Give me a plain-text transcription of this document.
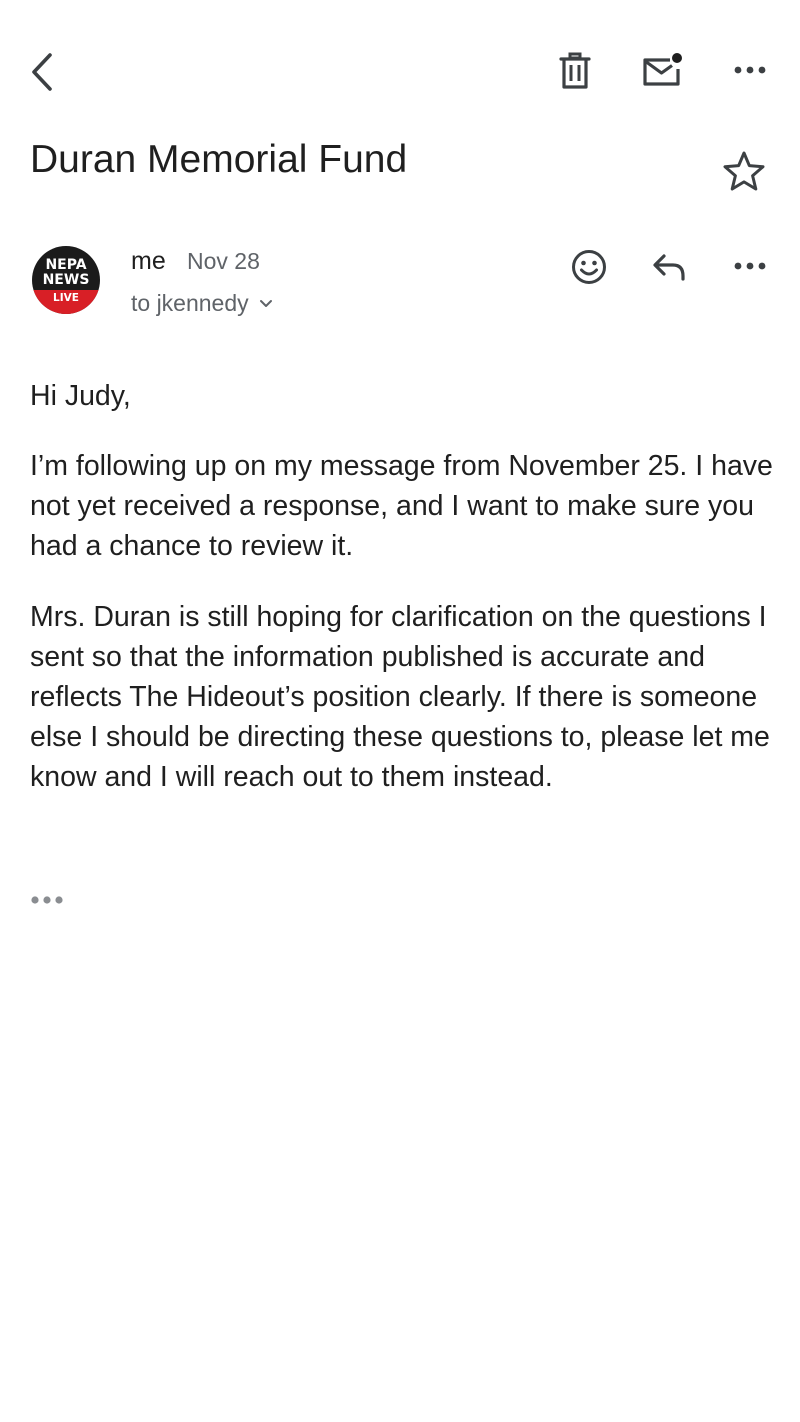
Duran Memorial Fund
NEPA
NEWS
LIVE
me Nov 28
to jkennedy

Hi Judy,

I’m following up on my message from November 25. I have not yet received a response, and I want to make sure you had a chance to review it.

Mrs. Duran is still hoping for clarification on the questions I sent so that the information published is accurate and reflects The Hideout’s position clearly. If there is someone else I should be directing these questions to, please let me know and I will reach out to them instead.
